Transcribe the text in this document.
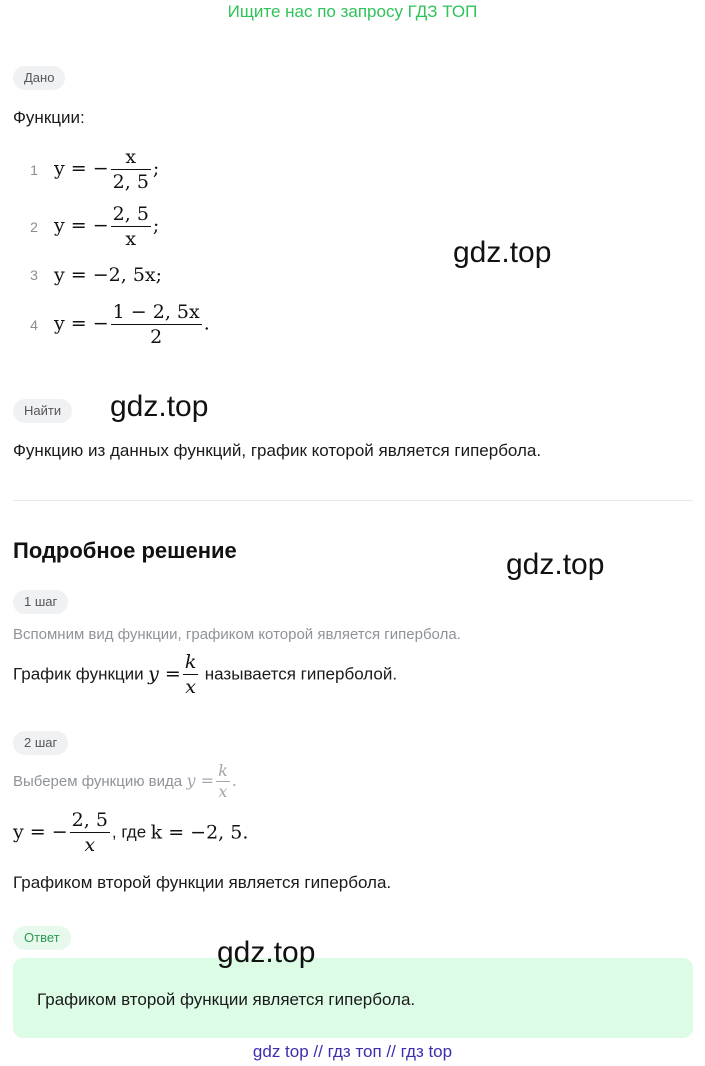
Ищите нас по запросу ГДЗ ТОП
Дано
Функции:
1 y = − $\frac{x}{2, 5}$ ;
2 y = − $\frac{2, 5}{x}$ ;
3 y = −2, 5x;
4 y = − $\frac{1 - 2, 5x}{2}$ .
gdz.top
Найти	gdz.top
Функцию из данных функций, график которой является гипербола.
Подробное решение	gdz.top
1 шаг
Вспомним вид функции, графиком которой является гипербола.
График функции $y = \frac{k}{x}$ называется гиперболой.
2 шаг
Выберем функцию вида $y = \frac{k}{x}$ .
y = − $\frac{2, 5}{x}$ , где k = −2, 5.
Графиком второй функции является гипербола.
Ответ
Графиком второй функции является гипербола.
gdz.top
gdz top // гдз топ // гдз top
